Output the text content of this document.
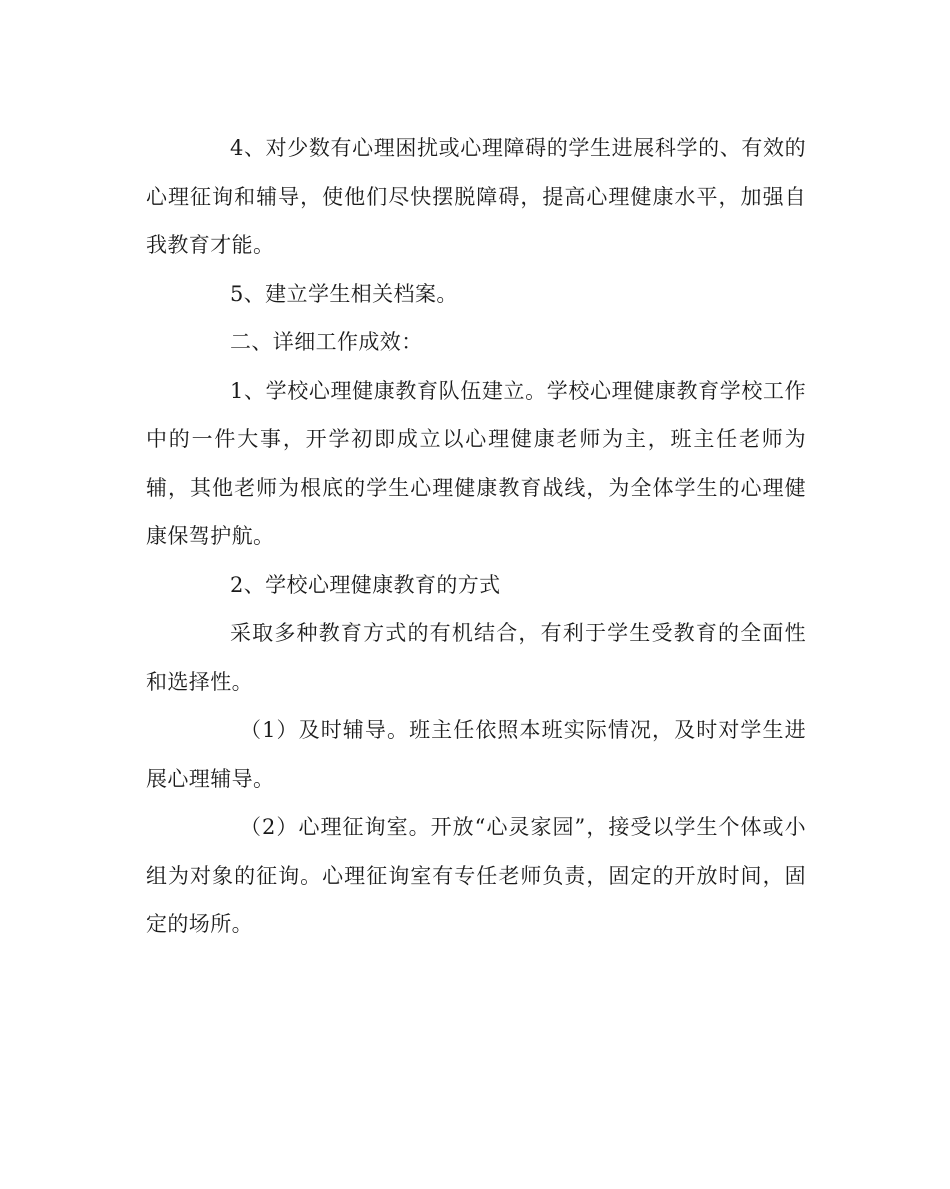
4、对少数有心理困扰或心理障碍的学生进展科学的、有效的心理征询和辅导，使他们尽快摆脱障碍，提高心理健康水平，加强自我教育才能。

5、建立学生相关档案。

二、详细工作成效：

1、学校心理健康教育队伍建立。学校心理健康教育学校工作中的一件大事，开学初即成立以心理健康老师为主，班主任老师为辅，其他老师为根底的学生心理健康教育战线，为全体学生的心理健康保驾护航。

2、学校心理健康教育的方式

采取多种教育方式的有机结合，有利于学生受教育的全面性和选择性。

（1）及时辅导。班主任依照本班实际情况，及时对学生进展心理辅导。

（2）心理征询室。开放“心灵家园”，接受以学生个体或小组为对象的征询。心理征询室有专任老师负责，固定的开放时间，固定的场所。
